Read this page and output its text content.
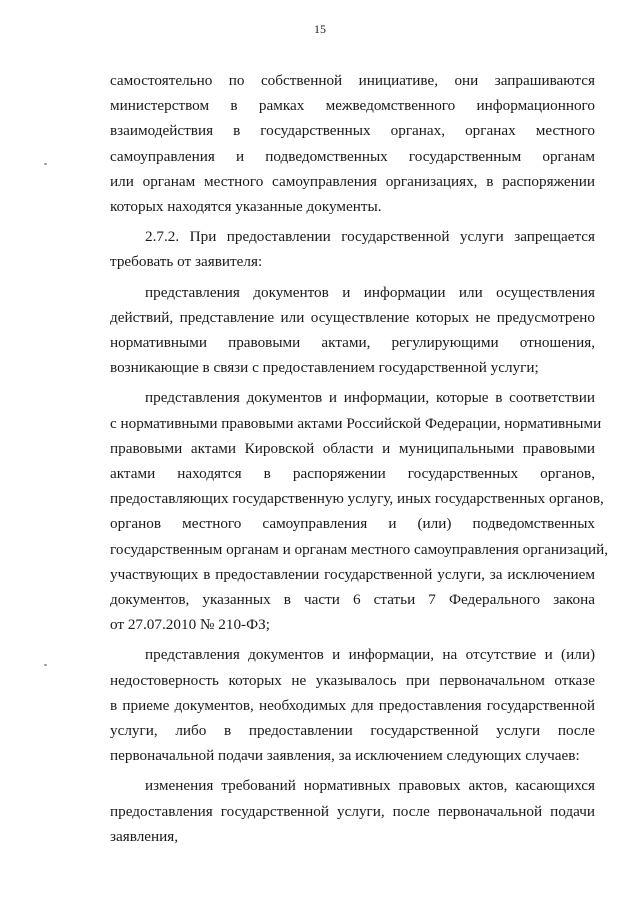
15
самостоятельно по собственной инициативе, они запрашиваются
министерством в рамках межведомственного информационного
взаимодействия в государственных органах, органах местного
самоуправления и подведомственных государственным органам
или органам местного самоуправления организациях, в распоряжении
которых находятся указанные документы.
2.7.2. При предоставлении государственной услуги запрещается
требовать от заявителя:
представления документов и информации или осуществления
действий, представление или осуществление которых не предусмотрено
нормативными правовыми актами, регулирующими отношения,
возникающие в связи с предоставлением государственной услуги;
представления документов и информации, которые в соответствии
с нормативными правовыми актами Российской Федерации, нормативными
правовыми актами Кировской области и муниципальными правовыми
актами находятся в распоряжении государственных органов,
предоставляющих государственную услугу, иных государственных органов,
органов местного самоуправления и (или) подведомственных
государственным органам и органам местного самоуправления организаций,
участвующих в предоставлении государственной услуги, за исключением
документов, указанных в части 6 статьи 7 Федерального закона
от 27.07.2010 № 210-ФЗ;
представления документов и информации, на отсутствие и (или)
недостоверность которых не указывалось при первоначальном отказе
в приеме документов, необходимых для предоставления государственной
услуги, либо в предоставлении государственной услуги после
первоначальной подачи заявления, за исключением следующих случаев:
изменения требований нормативных правовых актов, касающихся
предоставления государственной услуги, после первоначальной подачи
заявления,
